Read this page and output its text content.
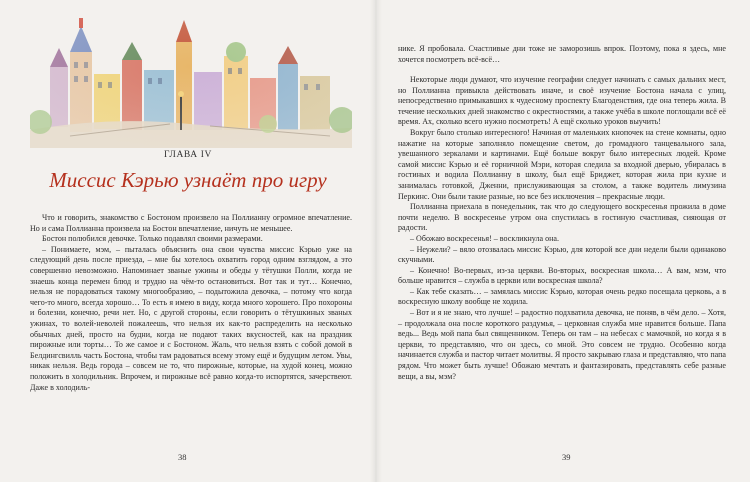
ГЛАВА IV
Миссис Кэрью узнаёт про игру

Что и говорить, знакомство с Бостоном произвело на Поллианну огромное впечатление. Но и сама Поллианна произвела на Бостон впечатление, ничуть не меньшее.

Бостон полюбился девочке. Только подавлял своими размерами.

– Понимаете, мэм, – пыталась объяснить она свои чувства миссис Кэрью уже на следующий день после приезда, – мне бы хотелось охватить город одним взглядом, а это совершенно невозможно. Напоминает званые ужины и обеды у тётушки Полли, когда не знаешь конца перемен блюд и трудно на чём-то остановиться. Вот так и тут… Конечно, нельзя не порадоваться такому многообразию, – подытожила девочка, – потому что когда чего-то много, всегда хорошо… То есть я имею в виду, когда много хорошего. Про похороны и болезни, конечно, речи нет. Но, с другой стороны, если говорить о тётушкиных званых ужинах, то волей-неволей пожалеешь, что нельзя их как-то распределить на несколько обычных дней, просто на будни, когда не подают таких вкусностей, как на праздник пирожные или торты… То же самое и с Бостоном. Жаль, что нельзя взять с собой домой в Белдингсвилль часть Бостона, чтобы там радоваться всему этому ещё и будущим летом. Увы, никак нельзя. Ведь города – совсем не то, что пирожные, которые, на худой конец, можно положить в холодильник. Впрочем, и пирожные всё равно когда-то испортятся, зачерствеют. Даже в холодиль-

38

нике. Я пробовала. Счастливые дни тоже не заморозишь впрок. Поэтому, пока я здесь, мне хочется посмотреть всё-всё…

Некоторые люди думают, что изучение географии следует начинать с самых дальних мест, но Поллианна привыкла действовать иначе, и своё изучение Бостона начала с улиц, непосредственно примыкавших к чудесному проспекту Благоденствия, где она теперь жила. В течение нескольких дней знакомство с окрестностями, а также учёба в школе поглощали всё её время. Ах, сколько всего нужно посмотреть! А ещё сколько уроков выучить!

Вокруг было столько интересного! Начиная от маленьких кнопочек на стене комнаты, одно нажатие на которые заполняло помещение светом, до громадного танцевального зала, увешанного зеркалами и картинами. Ещё больше вокруг было интересных людей. Кроме самой миссис Кэрью и её горничной Мэри, которая следила за входной дверью, убиралась в гостиных и водила Поллианну в школу, был ещё Бриджет, которая жила при кухне и занималась готовкой, Дженни, прислуживающая за столом, а также водитель лимузина Перкинс. Они были такие разные, но все без исключения – прекрасные люди.

Поллианна приехала в понедельник, так что до следующего воскресенья прожила в доме почти неделю. В воскресенье утром она спустилась в гостиную счастливая, сияющая от радости.

– Обожаю воскресенья! – воскликнула она.

– Неужели? – вяло отозвалась миссис Кэрью, для которой все дни недели были одинаково скучными.

– Конечно! Во-первых, из-за церкви. Во-вторых, воскресная школа… А вам, мэм, что больше нравится – служба в церкви или воскресная школа?

– Как тебе сказать… – замялась миссис Кэрью, которая очень редко посещала церковь, а в воскресную школу вообще не ходила.

– Вот и я не знаю, что лучше! – радостно подхватила девочка, не поняв, в чём дело. – Хотя, – продолжала она после короткого раздумья, – церковная служба мне нравится больше. Папа ведь... Ведь мой папа был священником. Теперь он там – на небесах с мамочкой, но когда я в церкви, то представляю, что он здесь, со мной. Это совсем не трудно. Особенно когда начинается служба и пастор читает молитвы. Я просто закрываю глаза и представляю, что папа рядом. Что может быть лучше! Обожаю мечтать и фантазировать, представлять себе разные вещи, а вы, мэм?

39
